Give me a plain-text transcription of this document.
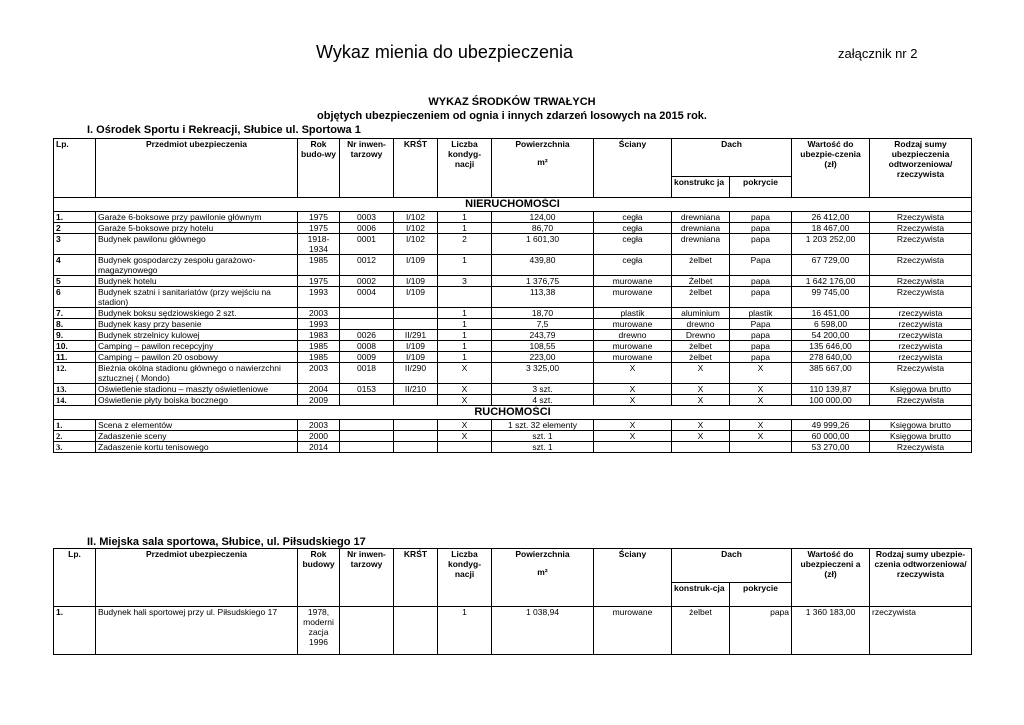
Wykaz mienia do ubezpieczenia	załącznik nr 2
WYKAZ ŚRODKÓW TRWAŁYCH
objętych ubezpieczeniem od ognia i innych zdarzeń losowych na 2015 rok.
I. Ośrodek Sportu i Rekreacji, Słubice ul. Sportowa 1
Lp.	Przedmiot ubezpieczenia	Rok budo-wy	Nr inwen-tarzowy	KRŚT	Liczba kondyg-nacji	Powierzchnia
m²	Ściany	Dach		Wartość do ubezpie-czenia (zł)	Rodzaj sumy ubezpieczenia odtworzeniowa/ rzeczywista
								konstrukc ja	pokrycie		
NIERUCHOMOŚCI											
1.	Garaże 6-boksowe przy pawilonie głównym	1975	0003	I/102	1	124,00	cegła	drewniana	papa	26 412,00	Rzeczywista
2	Garaże 5-boksowe przy hotelu	1975	0006	I/102	1	86,70	cegła	drewniana	papa	18 467,00	Rzeczywista
3	Budynek pawilonu głównego	1918-1934	0001	I/102	2	1 601,30	cegła	drewniana	papa	1 203 252,00	Rzeczywista
4	Budynek gospodarczy zespołu garażowo-magazynowego	1985	0012	I/109	1	439,80	cegła	żelbet	Papa	67 729,00	Rzeczywista
5	Budynek hotelu	1975	0002	I/109	3	1 376,75	murowane	Żelbet	papa	1 642 176,00	Rzeczywista
6	Budynek szatni i sanitariatów (przy wejściu na stadion)	1993	0004	I/109		113,38	murowane	żelbet	papa	99 745,00	Rzeczywista
7.	Budynek boksu sędziowskiego 2 szt.	2003			1	18,70	plastik	aluminium	plastik	16 451,00	rzeczywista
8.	Budynek kasy przy basenie	1993			1	7,5	murowane	drewno	Papa	6 598,00	rzeczywista
9.	Budynek strzelnicy kulowej	1983	0026	II/291	1	243,79	drewno	Drewno	papa	54 200,00	rzeczywista
10.	Camping – pawilon recepcyjny	1985	0008	I/109	1	108,55	murowane	żelbet	papa	135 646,00	rzeczywista
11.	Camping – pawilon 20 osobowy	1985	0009	I/109	1	223,00	murowane	żelbet	papa	278 640,00	rzeczywista
12.	Bieżnia okólna stadionu głównego o nawierzchni sztucznej ( Mondo)	2003	0018	II/290	X	3 325,00	X	X	X	385 667,00	Rzeczywista
13.	Oświetlenie stadionu – maszty oświetleniowe	2004	0153	II/210	X	3 szt.	X	X	X	110 139,87	Księgowa brutto
14.	Oświetlenie płyty boiska bocznego	2009			X	4 szt.	X	X	X	100 000,00	Rzeczywista
RUCHOMOŚCI											
1.	Scena z elementów	2003			X	1 szt. 32 elementy	X	X	X	49 999,26	Księgowa brutto
2.	Zadaszenie sceny	2000			X	szt. 1	X	X	X	60 000,00	Księgowa brutto
3.	Zadaszenie kortu tenisowego	2014				szt. 1				53 270,00	Rzeczywista
II. Miejska sala sportowa, Słubice, ul. Piłsudskiego 17
Lp.	Przedmiot ubezpieczenia	Rok budowy	Nr inwen-tarzowy	KRŚT	Liczba kondyg-nacji	Powierzchnia
m²	Ściany	Dach		Wartość do ubezpieczeni a (zł)	Rodzaj sumy ubezpie-czenia odtworzeniowa/ rzeczywista
								konstruk-cja	pokrycie		
1.	Budynek hali sportowej przy ul. Piłsudskiego 17	1978, moderni zacja 1996			1	1 038,94	murowane	żelbet	papa	1 360 183,00	rzeczywista
